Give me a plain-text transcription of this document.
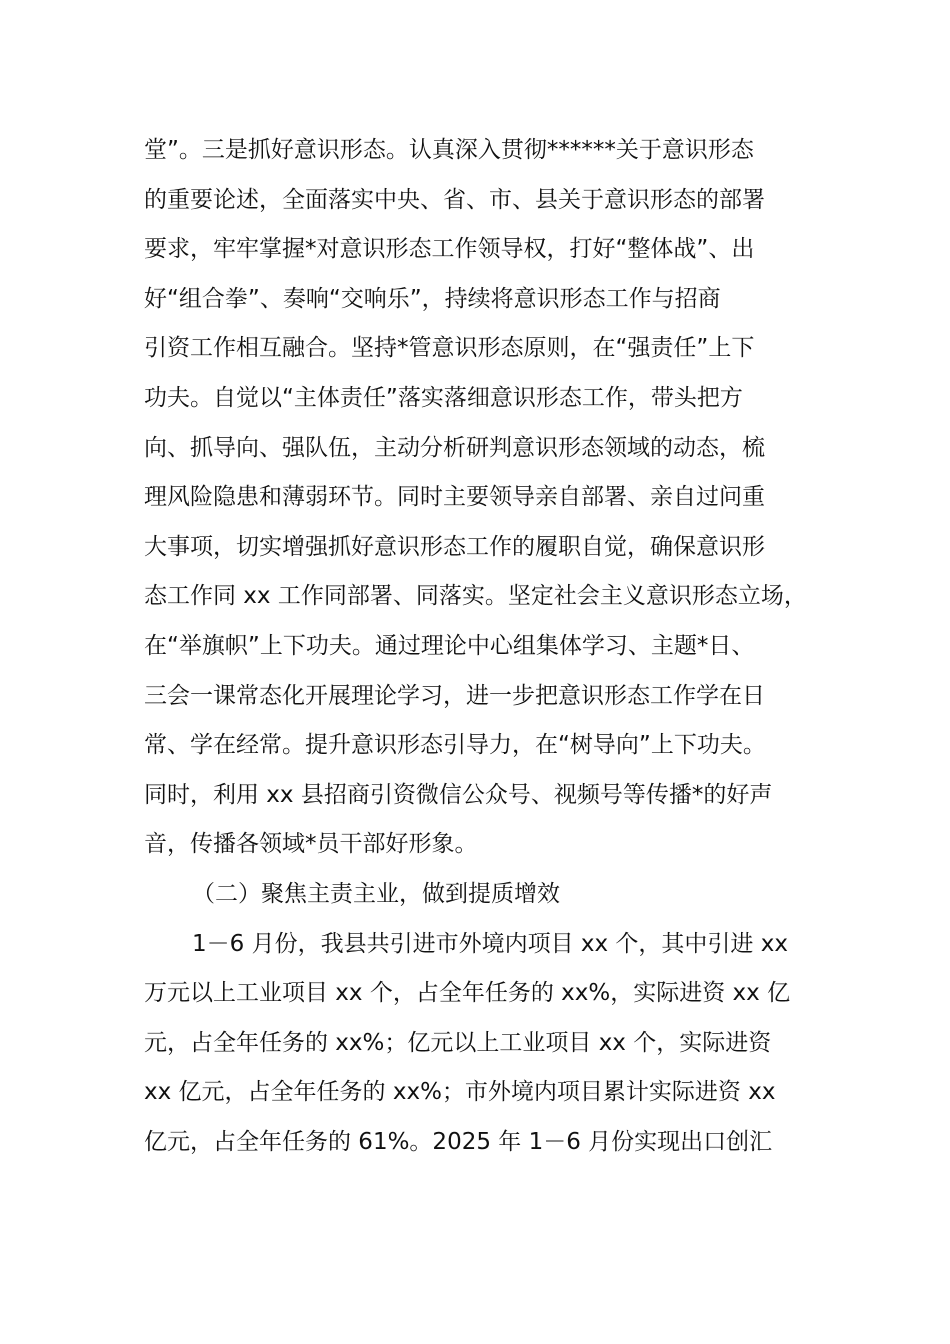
堂”。三是抓好意识形态。认真深入贯彻******关于意识形态
的重要论述，全面落实中央、省、市、县关于意识形态的部署
要求，牢牢掌握*对意识形态工作领导权，打好“整体战”、出
好“组合拳”、奏响“交响乐”，持续将意识形态工作与招商
引资工作相互融合。坚持*管意识形态原则，在“强责任”上下
功夫。自觉以“主体责任”落实落细意识形态工作，带头把方
向、抓导向、强队伍，主动分析研判意识形态领域的动态，梳
理风险隐患和薄弱环节。同时主要领导亲自部署、亲自过问重
大事项，切实增强抓好意识形态工作的履职自觉，确保意识形
态工作同 xx 工作同部署、同落实。坚定社会主义意识形态立场，
在“举旗帜”上下功夫。通过理论中心组集体学习、主题*日、
三会一课常态化开展理论学习，进一步把意识形态工作学在日
常、学在经常。提升意识形态引导力，在“树导向”上下功夫。
同时，利用 xx 县招商引资微信公众号、视频号等传播*的好声
音，传播各领域*员干部好形象。
（二）聚焦主责主业，做到提质增效
1－6 月份，我县共引进市外境内项目 xx 个，其中引进 xx
万元以上工业项目 xx 个，占全年任务的 xx%，实际进资 xx 亿
元，占全年任务的 xx%；亿元以上工业项目 xx 个，实际进资
xx 亿元，占全年任务的 xx%；市外境内项目累计实际进资 xx
亿元，占全年任务的 61%。2025 年 1－6 月份实现出口创汇
